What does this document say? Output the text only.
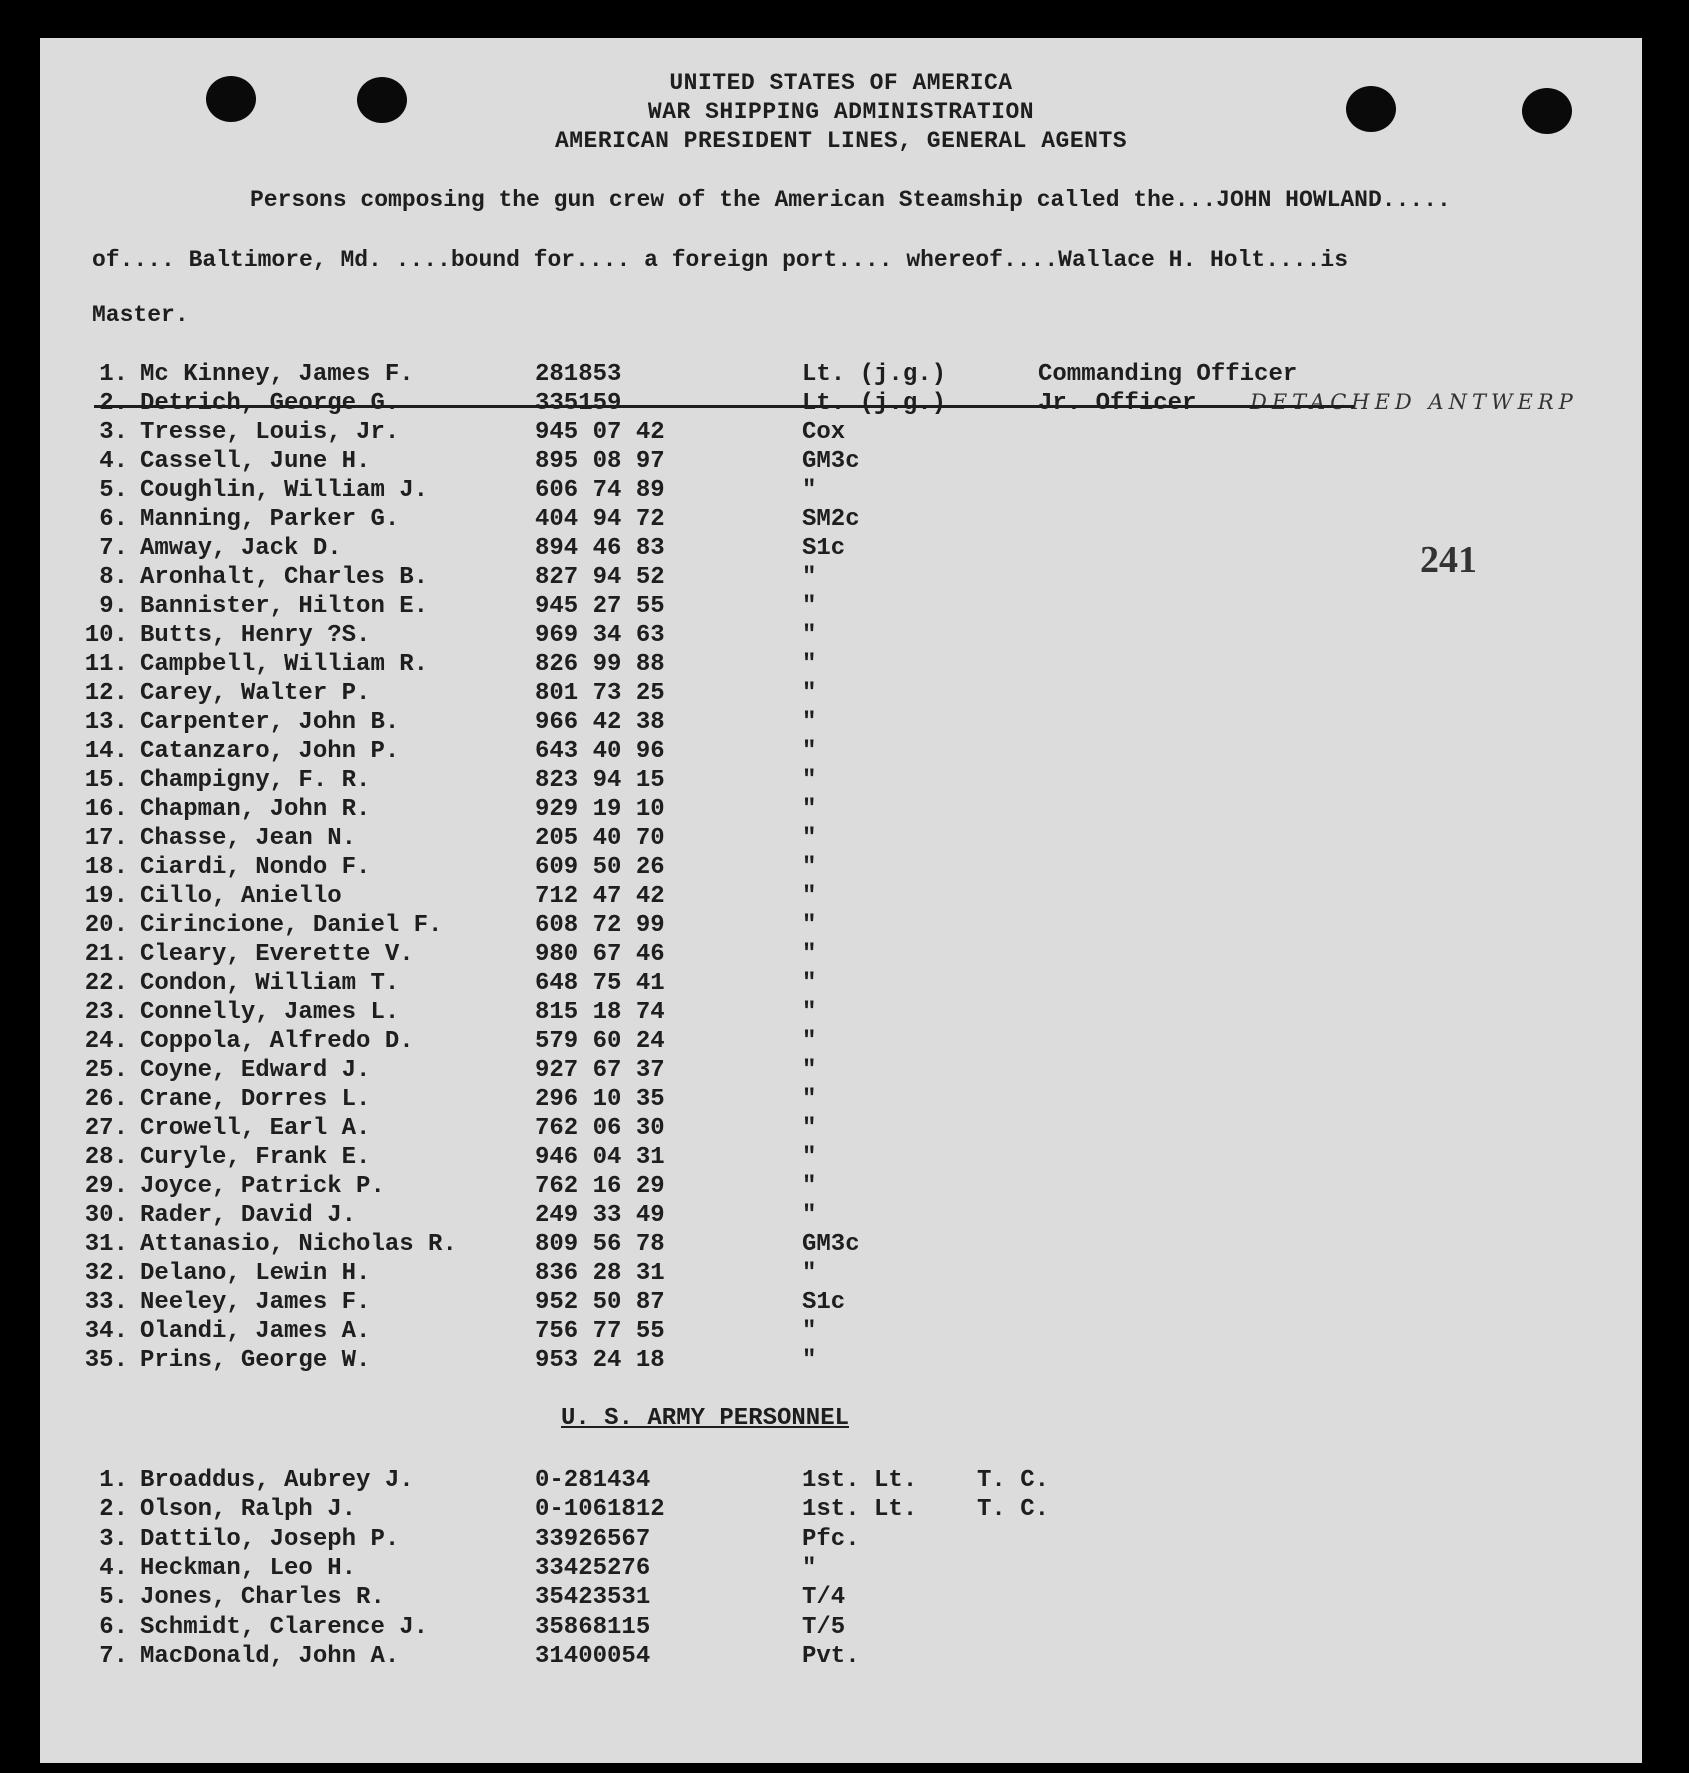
UNITED STATES OF AMERICA
WAR SHIPPING ADMINISTRATION
AMERICAN PRESIDENT LINES, GENERAL AGENTS
Persons composing the gun crew of the American Steamship called the...JOHN HOWLAND.....
of.... Baltimore, Md. ....bound for.... a foreign port.... whereof....Wallace H. Holt....is
Master.
241
1. Mc Kinney, James F.	281853	Lt. (j.g.)	Commanding Officer
2. Detrich, George G.	335159	Lt. (j.g.)	Jr. Officer	DETACHED ANTWERP
3. Tresse, Louis, Jr.	945 07 42	Cox
4. Cassell, June H.	895 08 97	GM3c
5. Coughlin, William J.	606 74 89	"
6. Manning, Parker G.	404 94 72	SM2c
7. Amway, Jack D.	894 46 83	S1c
8. Aronhalt, Charles B.	827 94 52	"
9. Bannister, Hilton E.	945 27 55	"
10. Butts, Henry ?S.	969 34 63	"
11. Campbell, William R.	826 99 88	"
12. Carey, Walter P.	801 73 25	"
13. Carpenter, John B.	966 42 38	"
14. Catanzaro, John P.	643 40 96	"
15. Champigny, F. R.	823 94 15	"
16. Chapman, John R.	929 19 10	"
17. Chasse, Jean N.	205 40 70	"
18. Ciardi, Nondo F.	609 50 26	"
19. Cillo, Aniello	712 47 42	"
20. Cirincione, Daniel F.	608 72 99	"
21. Cleary, Everette V.	980 67 46	"
22. Condon, William T.	648 75 41	"
23. Connelly, James L.	815 18 74	"
24. Coppola, Alfredo D.	579 60 24	"
25. Coyne, Edward J.	927 67 37	"
26. Crane, Dorres L.	296 10 35	"
27. Crowell, Earl A.	762 06 30	"
28. Curyle, Frank E.	946 04 31	"
29. Joyce, Patrick P.	762 16 29	"
30. Rader, David J.	249 33 49	"
31. Attanasio, Nicholas R.	809 56 78	GM3c
32. Delano, Lewin H.	836 28 31	"
33. Neeley, James F.	952 50 87	S1c
34. Olandi, James A.	756 77 55	"
35. Prins, George W.	953 24 18	"
U. S. ARMY PERSONNEL
1. Broaddus, Aubrey J.	0-281434	1st. Lt. T. C.
2. Olson, Ralph J.	0-1061812	1st. Lt. T. C.
3. Dattilo, Joseph P.	33926567	Pfc.
4. Heckman, Leo H.	33425276	"
5. Jones, Charles R.	35423531	T/4
6. Schmidt, Clarence J.	35868115	T/5
7. MacDonald, John A.	31400054	Pvt.
